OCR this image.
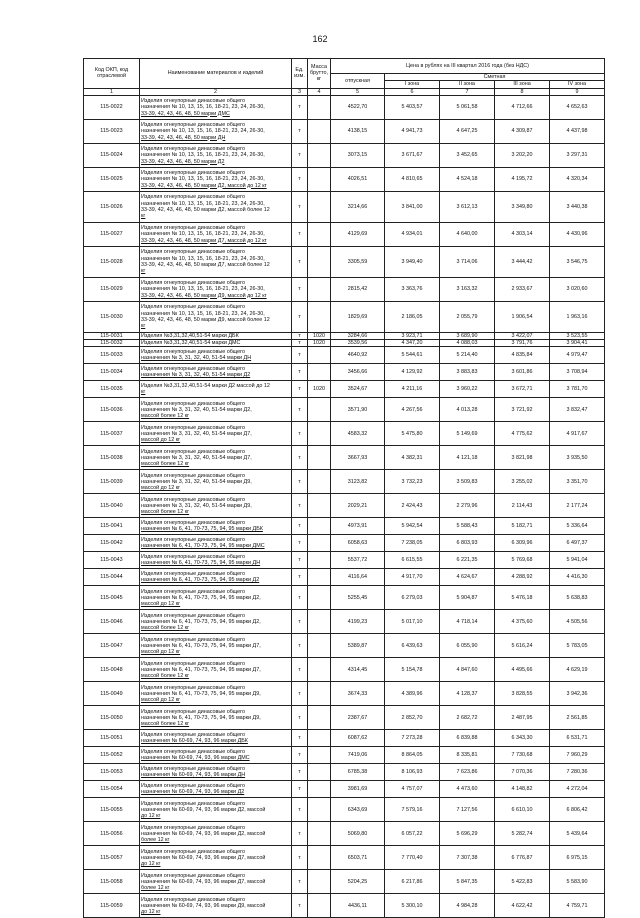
162
Код ОКП, код отраслевой	Наименование материалов и изделий	Ед. изм.	Масса брутто, кг	Цена в рублях на III квартал 2016 года (без НДС)				
				отпускная	Сметная			
					I зона	II зона	III зона	IV зона
1	2	3	4	5	6	7	8	9
115-0022	Изделия огнеупорные динасовые общего
назначения № 10, 13, 15, 16, 18-21, 23, 24, 26-30,
33-39, 42, 43, 46, 48, 50 марки ДМС	т		4522,70	5 403,57	5 061,58	4 712,66	4 652,63
115-0023	Изделия огнеупорные динасовые общего
назначения № 10, 13, 15, 16, 18-21, 23, 24, 26-30,
33-39, 42, 43, 46, 48, 50 марки ДН	т		4138,15	4 941,73	4 647,25	4 309,87	4 437,98
115-0024	Изделия огнеупорные динасовые общего
назначения № 10, 13, 15, 16, 18-21, 23, 24, 26-30,
33-39, 42, 43, 46, 48, 50 марки Д2	т		3073,15	3 671,67	3 452,65	3 202,20	3 297,31
115-0025	Изделия огнеупорные динасовые общего
назначения № 10, 13, 15, 16, 18-21, 23, 24, 26-30,
33-39, 42, 43, 46, 48, 50 марки Д2, массой до 12 кг	т		4026,51	4 810,65	4 524,18	4 195,72	4 320,34
115-0026	Изделия огнеупорные динасовые общего
назначения № 10, 13, 15, 16, 18-21, 23, 24, 26-30,
33-39, 42, 43, 46, 48, 50 марки Д2, массой более 12
кг	т		3214,66	3 841,00	3 612,13	3 349,80	3 440,38
115-0027	Изделия огнеупорные динасовые общего
назначения № 10, 13, 15, 16, 18-21, 23, 24, 26-30,
33-39, 42, 43, 46, 48, 50 марки Д7, массой до 12 кг	т		4129,69	4 934,01	4 640,00	4 303,14	4 430,96
115-0028	Изделия огнеупорные динасовые общего
назначения № 10, 13, 15, 16, 18-21, 23, 24, 26-30,
33-39, 42, 43, 46, 48, 50 марки Д7, массой более 12
кг	т		3305,59	3 949,40	3 714,06	3 444,42	3 546,75
115-0029	Изделия огнеупорные динасовые общего
назначения № 10, 13, 15, 16, 18-21, 23, 24, 26-30,
33-39, 42, 43, 46, 48, 50 марки Д9, массой до 12 кг	т		2815,42	3 363,76	3 163,32	2 933,67	3 020,60
115-0030	Изделия огнеупорные динасовые общего
назначения № 10, 13, 15, 16, 18-21, 23, 24, 26-30,
33-39, 42, 43, 46, 48, 50 марки Д9, массой более 12
кг	т		1829,69	2 186,05	2 055,79	1 906,54	1 963,16
115-0031	Изделия №3,31,32,40,51-54 марки ДБК	т	1020	3284,66	3 923,71	3 689,90	3 422,07	3 523,55
115-0032	Изделия №3,31,32,40,51-54 марки ДМС	т	1020	3539,56	4 347,20	4 088,03	3 791,76	3 904,41
115-0033	Изделия огнеупорные динасовые общего
назначения № 3, 31, 32, 40, 51-54 марки ДН	т		4640,92	5 544,61	5 214,40	4 835,84	4 979,47
115-0034	Изделия огнеупорные динасовые общего
назначения № 3, 31, 32, 40, 51-54 марки Д2	т		3456,66	4 129,92	3 883,83	3 601,86	3 708,94
115-0035	Изделия №3,31,32,40,51-54 марки Д2 массой до 12
кг	т	1020	3524,67	4 211,16	3 960,22	3 672,71	3 781,70
115-0036	Изделия огнеупорные динасовые общего
назначения № 3, 31, 32, 40, 51-54 марки Д2,
массой более 12 кг	т		3571,90	4 267,56	4 013,28	3 721,92	3 832,47
115-0037	Изделия огнеупорные динасовые общего
назначения № 3, 31, 32, 40, 51-54 марки Д7,
массой до 12 кг	т		4583,32	5 475,80	5 149,69	4 775,62	4 917,67
115-0038	Изделия огнеупорные динасовые общего
назначения № 3, 31, 32, 40, 51-54 марки Д7,
массой более 12 кг	т		3667,93	4 382,31	4 121,18	3 821,98	3 935,50
115-0039	Изделия огнеупорные динасовые общего
назначения № 3, 31, 32, 40, 51-54 марки Д9,
массой до 12 кг	т		3123,82	3 732,23	3 509,83	3 255,02	3 351,70
115-0040	Изделия огнеупорные динасовые общего
назначения № 3, 31, 32, 40, 51-54 марки Д9,
массой более 12 кг	т		2029,21	2 424,43	2 279,96	2 114,43	2 177,24
115-0041	Изделия огнеупорные динасовые общего
назначения № 6, 41, 70-73, 75, 94, 95 марки ДБК	т		4973,91	5 942,54	5 588,43	5 182,71	5 336,64
115-0042	Изделия огнеупорные динасовые общего
назначения № 6, 41, 70-73, 75, 94, 95 марки ДМС	т		6058,63	7 238,05	6 803,93	6 309,96	6 497,37
115-0043	Изделия огнеупорные динасовые общего
назначения № 6, 41, 70-73, 75, 94, 95 марки ДН	т		5537,72	6 615,55	6 221,35	5 769,68	5 941,04
115-0044	Изделия огнеупорные динасовые общего
назначения № 6, 41, 70-73, 75, 94, 95 марки Д2	т		4116,64	4 917,70	4 624,67	4 288,92	4 416,30
115-0045	Изделия огнеупорные динасовые общего
назначения № 6, 41, 70-73, 75, 94, 95 марки Д2,
массой до 12 кг	т		5255,45	6 279,03	5 904,87	5 476,18	5 638,83
115-0046	Изделия огнеупорные динасовые общего
назначения № 6, 41, 70-73, 75, 94, 95 марки Д2,
массой более 12 кг	т		4199,23	5 017,10	4 718,14	4 375,60	4 505,56
115-0047	Изделия огнеупорные динасовые общего
назначения № 6, 41, 70-73, 75, 94, 95 марки Д7,
массой до 12 кг	т		5389,87	6 439,63	6 055,90	5 616,24	5 783,05
115-0048	Изделия огнеупорные динасовые общего
назначения № 6, 41, 70-73, 75, 94, 95 марки Д7,
массой более 12 кг	т		4314,45	5 154,78	4 847,60	4 495,66	4 629,19
115-0049	Изделия огнеупорные динасовые общего
назначения № 6, 41, 70-73, 75, 94, 95 марки Д9,
массой до 12 кг	т		3674,33	4 389,96	4 128,37	3 828,55	3 942,36
115-0050	Изделия огнеупорные динасовые общего
назначения № 6, 41, 70-73, 75, 94, 95 марки Д9,
массой более 12 кг	т		2387,67	2 852,70	2 682,72	2 487,95	2 561,85
115-0051	Изделия огнеупорные динасовые общего
назначения № 60-69, 74, 93, 96 марки ДБК	т		6087,62	7 273,28	6 839,88	6 343,30	6 531,71
115-0052	Изделия огнеупорные динасовые общего
назначения № 60-69, 74, 93, 96 марки ДМС	т		7419,06	8 864,05	8 335,81	7 730,68	7 960,29
115-0053	Изделия огнеупорные динасовые общего
назначения № 60-69, 74, 93, 96 марки ДН	т		6785,38	8 106,93	7 623,86	7 070,36	7 280,36
115-0054	Изделия огнеупорные динасовые общего
назначения № 60-69, 74, 93, 96 марки Д2	т		3981,69	4 757,07	4 473,60	4 148,82	4 272,04
115-0055	Изделия огнеупорные динасовые общего
назначения № 60-69, 74, 93, 96 марки Д2, массой
до 12 кг	т		6343,69	7 579,16	7 127,56	6 610,10	6 806,42
115-0056	Изделия огнеупорные динасовые общего
назначения № 60-69, 74, 93, 96 марки Д2, массой
более 12 кг	т		5069,80	6 057,22	5 696,29	5 282,74	5 439,64
115-0057	Изделия огнеупорные динасовые общего
назначения № 60-69, 74, 93, 96 марки Д7, массой
до 12 кг	т		6503,71	7 770,40	7 307,38	6 776,87	6 975,15
115-0058	Изделия огнеупорные динасовые общего
назначения № 60-69, 74, 93, 96 марки Д7, массой
более 12 кг	т		5204,25	6 217,86	5 847,35	5 422,83	5 583,90
115-0059	Изделия огнеупорные динасовые общего
назначения № 60-69, 74, 93, 96 марки Д9, массой
до 12 кг	т		4436,11	5 300,10	4 984,28	4 622,42	4 759,71
